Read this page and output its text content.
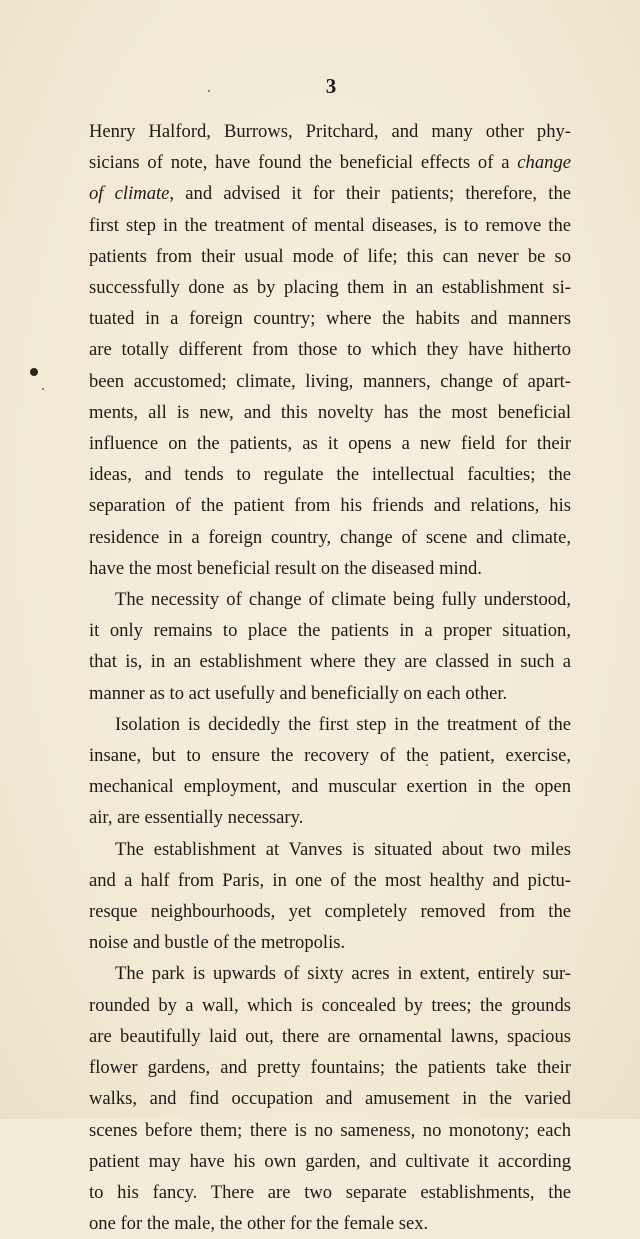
3
Henry Halford, Burrows, Pritchard, and many other phy-
sicians of note, have found the beneficial effects of a change
of climate, and advised it for their patients; therefore, the
first step in the treatment of mental diseases, is to remove the
patients from their usual mode of life; this can never be so
successfully done as by placing them in an establishment si-
tuated in a foreign country; where the habits and manners
are totally different from those to which they have hitherto
been accustomed; climate, living, manners, change of apart-
ments, all is new, and this novelty has the most beneficial
influence on the patients, as it opens a new field for their
ideas, and tends to regulate the intellectual faculties; the
separation of the patient from his friends and relations, his
residence in a foreign country, change of scene and climate,
have the most beneficial result on the diseased mind.
The necessity of change of climate being fully understood,
it only remains to place the patients in a proper situation,
that is, in an establishment where they are classed in such a
manner as to act usefully and beneficially on each other.
Isolation is decidedly the first step in the treatment of the
insane, but to ensure the recovery of the patient, exercise,
mechanical employment, and muscular exertion in the open
air, are essentially necessary.
The establishment at Vanves is situated about two miles
and a half from Paris, in one of the most healthy and pictu-
resque neighbourhoods, yet completely removed from the
noise and bustle of the metropolis.
The park is upwards of sixty acres in extent, entirely sur-
rounded by a wall, which is concealed by trees; the grounds
are beautifully laid out, there are ornamental lawns, spacious
flower gardens, and pretty fountains; the patients take their
walks, and find occupation and amusement in the varied
scenes before them; there is no sameness, no monotony; each
patient may have his own garden, and cultivate it according
to his fancy. There are two separate establishments, the
one for the male, the other for the female sex.
